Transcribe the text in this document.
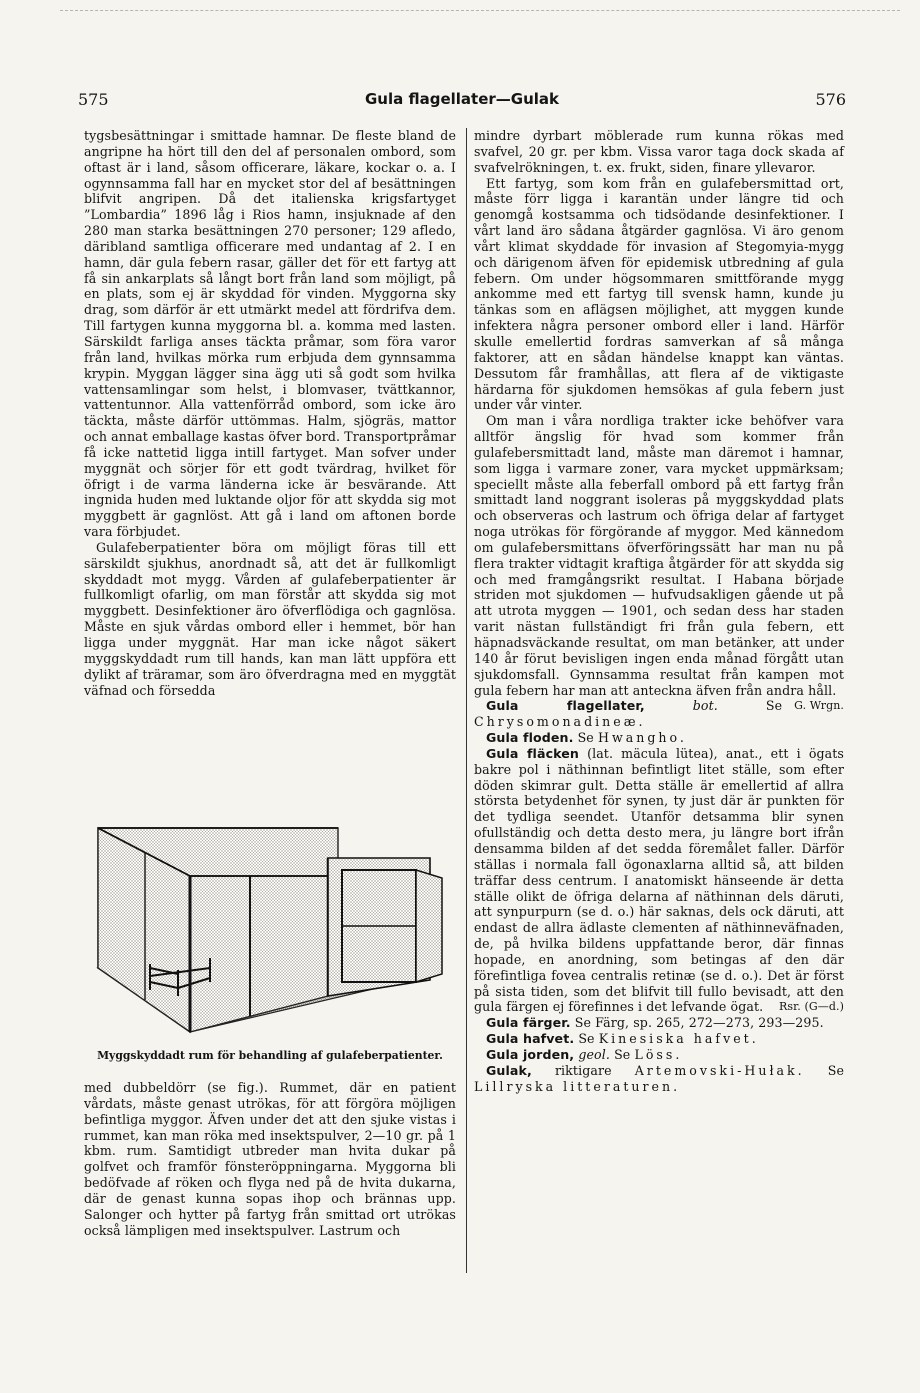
575	Gula flagellater—Gulak	576

tygsbesättningar i smittade hamnar. De fleste bland de angripne ha hört till den del af personalen ombord, som oftast är i land, såsom officerare, läkare, kockar o. a. I ogynnsamma fall har en mycket stor del af besättningen blifvit angripen. Då det italienska krigsfartyget ”Lombardia” 1896 låg i Rios hamn, insjuknade af den 280 man starka besättningen 270 personer; 129 afledo, däribland samtliga officerare med undantag af 2. I en hamn, där gula febern rasar, gäller det för ett fartyg att få sin ankarplats så långt bort från land som möjligt, på en plats, som ej är skyddad för vinden. Myggorna sky drag, som därför är ett utmärkt medel att fördrifva dem. Till fartygen kunna myggorna bl. a. komma med lasten. Särskildt farliga anses täckta pråmar, som föra varor från land, hvilkas mörka rum erbjuda dem gynnsamma krypin. Myggan lägger sina ägg uti så godt som hvilka vattensamlingar som helst, i blomvaser, tvättkannor, vattentunnor. Alla vattenförråd ombord, som icke äro täckta, måste därför uttömmas. Halm, sjögräs, mattor och annat emballage kastas öfver bord. Transportpråmar få icke nattetid ligga intill fartyget. Man sofver under myggnät och sörjer för ett godt tvärdrag, hvilket för öfrigt i de varma länderna icke är besvärande. Att ingnida huden med luktande oljor för att skydda sig mot myggbett är gagnlöst. Att gå i land om aftonen borde vara förbjudet.

Gulafeberpatienter böra om möjligt föras till ett särskildt sjukhus, anordnadt så, att det är fullkomligt skyddadt mot mygg. Vården af gulafeberpatienter är fullkomligt ofarlig, om man förstår att skydda sig mot myggbett. Desinfektioner äro öfverflödiga och gagnlösa. Måste en sjuk vårdas ombord eller i hemmet, bör han ligga under myggnät. Har man icke något säkert myggskyddadt rum till hands, kan man lätt uppföra ett dylikt af träramar, som äro öfverdragna med en myggtät väfnad och försedda

Myggskyddadt rum för behandling af gulafeberpatienter.

med dubbeldörr (se fig.). Rummet, där en patient vårdats, måste genast utrökas, för att förgöra möjligen befintliga myggor. Äfven under det att den sjuke vistas i rummet, kan man röka med insektspulver, 2—10 gr. på 1 kbm. rum. Samtidigt utbreder man hvita dukar på golfvet och framför fönsteröppningarna. Myggorna bli bedöfvade af röken och flyga ned på de hvita dukarna, där de genast kunna sopas ihop och brännas upp. Salonger och hytter på fartyg från smittad ort utrökas också lämpligen med insektspulver. Lastrum och

mindre dyrbart möblerade rum kunna rökas med svafvel, 20 gr. per kbm. Vissa varor taga dock skada af svafvelrökningen, t. ex. frukt, siden, finare yllevaror.

Ett fartyg, som kom från en gulafebersmittad ort, måste förr ligga i karantän under längre tid och genomgå kostsamma och tidsödande desinfektioner. I vårt land äro sådana åtgärder gagnlösa. Vi äro genom vårt klimat skyddade för invasion af Stegomyia-mygg och därigenom äfven för epidemisk utbredning af gula febern. Om under högsommaren smittförande mygg ankomme med ett fartyg till svensk hamn, kunde ju tänkas som en aflägsen möjlighet, att myggen kunde infektera några personer ombord eller i land. Härför skulle emellertid fordras samverkan af så många faktorer, att en sådan händelse knappt kan väntas. Dessutom får framhållas, att flera af de viktigaste härdarna för sjukdomen hemsökas af gula febern just under vår vinter.

Om man i våra nordliga trakter icke behöfver vara alltför ängslig för hvad som kommer från gulafebersmittadt land, måste man däremot i hamnar, som ligga i varmare zoner, vara mycket uppmärksam; speciellt måste alla feberfall ombord på ett fartyg från smittadt land noggrant isoleras på myggskyddad plats och observeras och lastrum och öfriga delar af fartyget noga utrökas för förgörande af myggor. Med kännedom om gulafebersmittans öfverföringssätt har man nu på flera trakter vidtagit kraftiga åtgärder för att skydda sig och med framgångsrikt resultat. I Habana började striden mot sjukdomen — hufvudsakligen gående ut på att utrota myggen — 1901, och sedan dess har staden varit nästan fullständigt fri från gula febern, ett häpnadsväckande resultat, om man betänker, att under 140 år förut bevisligen ingen enda månad förgått utan sjukdomsfall. Gynnsamma resultat från kampen mot gula febern har man att anteckna äfven från andra håll.
G. Wrgn.

Gula flagellater,	bot.	Se Chrysomonadineæ.

Gula floden. Se Hwangho.

Gula fläcken (lat. mäcula lütea), anat., ett i ögats bakre pol i näthinnan befintligt litet ställe, som efter döden skimrar gult. Detta ställe är emellertid af allra största betydenhet för synen, ty just där är punkten för det tydliga seendet. Utanför detsamma blir synen ofullständig och detta desto mera, ju längre bort ifrån densamma bilden af det sedda föremålet faller. Därför ställas i normala fall ögonaxlarna alltid så, att bilden träffar dess centrum. I anatomiskt hänseende är detta ställe olikt de öfriga delarna af näthinnan dels däruti, att synpurpurn (se d. o.) här saknas, dels ock däruti, att endast de allra ädlaste clementen af näthinneväfnaden, de, på hvilka bildens uppfattande beror, där finnas hopade, en anordning, som betingas af den där förefintliga fovea centralis retinæ (se d. o.). Det är först på sista tiden, som det blifvit till fullo bevisadt, att den gula färgen ej förefinnes i det lefvande ögat.	Rsr. (G—d.)

Gula färger. Se Färg, sp. 265, 272—273, 293—295.

Gula hafvet. Se Kinesiska hafvet.

Gula jorden, geol. Se Löss.

Gulak, riktigare Artemovski-Hułak. Se Lillryska litteraturen.
